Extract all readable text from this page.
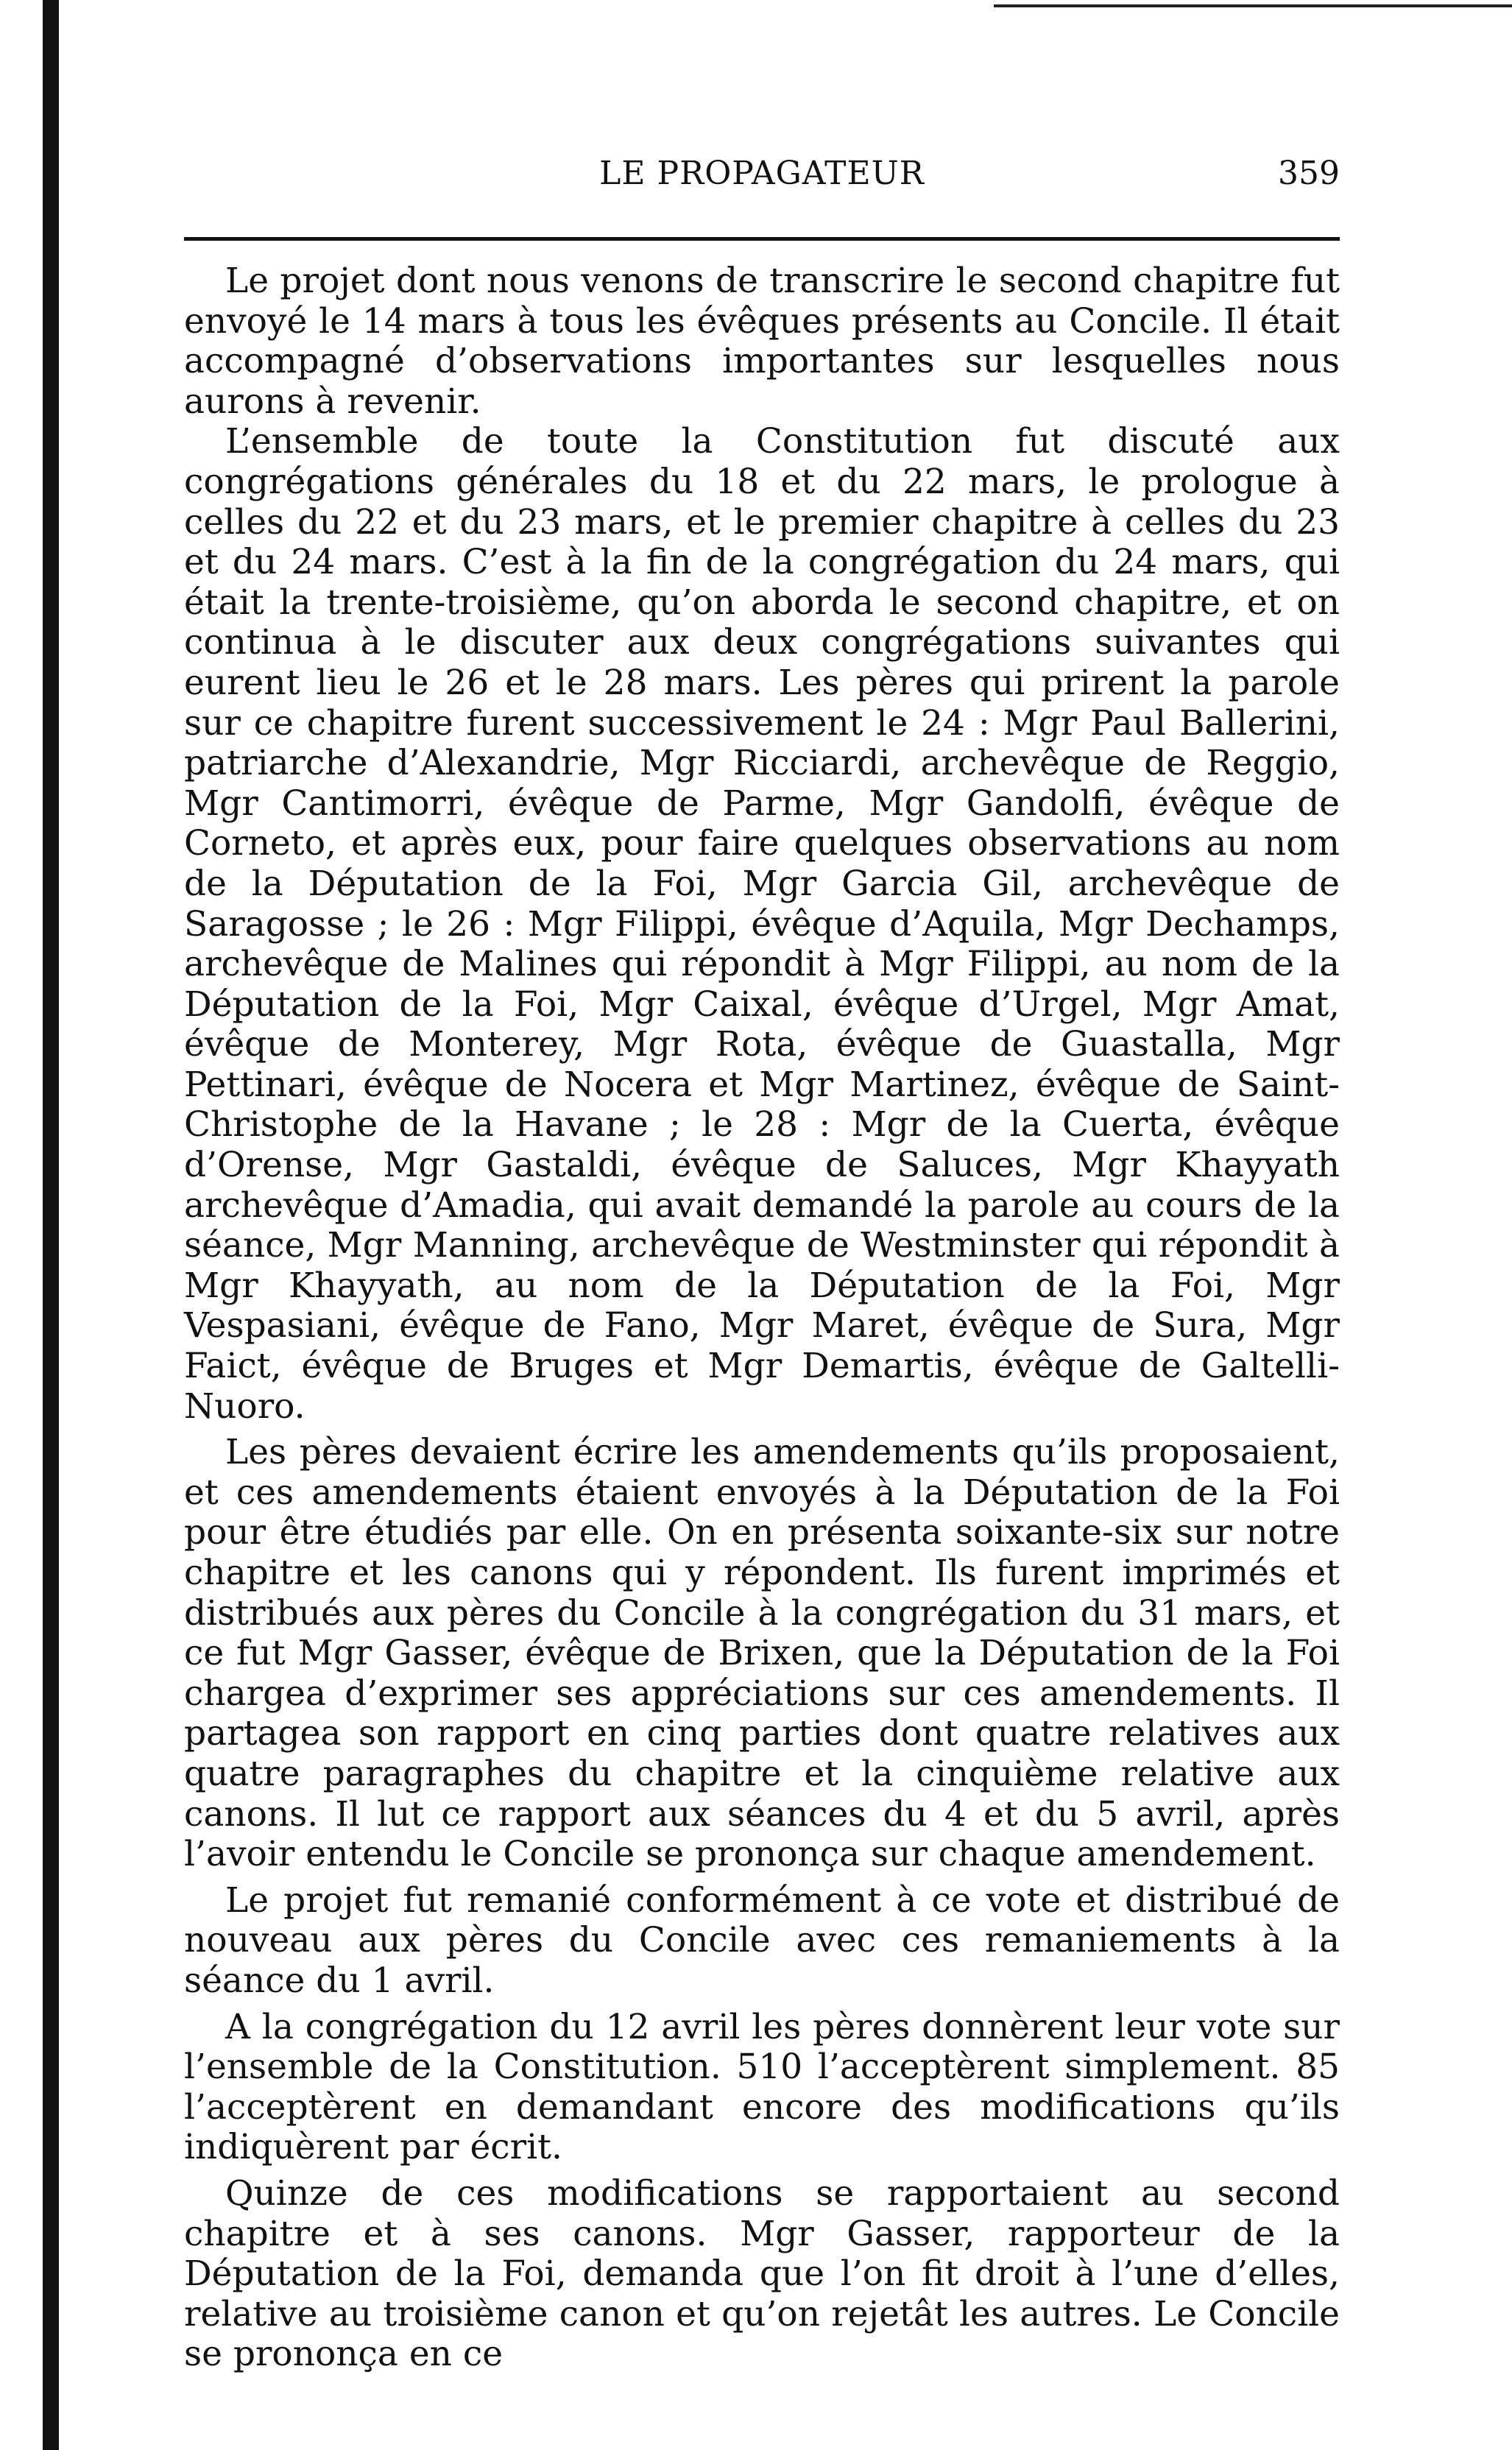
LE PROPAGATEUR	359

Le projet dont nous venons de transcrire le second chapitre fut envoyé le 14 mars à tous les évêques présents au Concile. Il était accompagné d’observations importantes sur lesquelles nous aurons à revenir.

L’ensemble de toute la Constitution fut discuté aux congrégations générales du 18 et du 22 mars, le prologue à celles du 22 et du 23 mars, et le premier chapitre à celles du 23 et du 24 mars. C’est à la fin de la congrégation du 24 mars, qui était la trente-troisième, qu’on aborda le second chapitre, et on continua à le discuter aux deux congrégations suivantes qui eurent lieu le 26 et le 28 mars. Les pères qui prirent la parole sur ce chapitre furent successivement le 24 : Mgr Paul Ballerini, patriarche d’Alexandrie, Mgr Ricciardi, archevêque de Reggio, Mgr Cantimorri, évêque de Parme, Mgr Gandolfi, évêque de Corneto, et après eux, pour faire quelques observations au nom de la Députation de la Foi, Mgr Garcia Gil, archevêque de Saragosse ; le 26 : Mgr Filippi, évêque d’Aquila, Mgr Dechamps, archevêque de Malines qui répondit à Mgr Filippi, au nom de la Députation de la Foi, Mgr Caixal, évêque d’Urgel, Mgr Amat, évêque de Monterey, Mgr Rota, évêque de Guastalla, Mgr Pettinari, évêque de Nocera et Mgr Martinez, évêque de Saint-Christophe de la Havane ; le 28 : Mgr de la Cuerta, évêque d’Orense, Mgr Gastaldi, évêque de Saluces, Mgr Khayyath archevêque d’Amadia, qui avait demandé la parole au cours de la séance, Mgr Manning, archevêque de Westminster qui répondit à Mgr Khayyath, au nom de la Députation de la Foi, Mgr Vespasiani, évêque de Fano, Mgr Maret, évêque de Sura, Mgr Faict, évêque de Bruges et Mgr Demartis, évêque de Galtelli-Nuoro.

Les pères devaient écrire les amendements qu’ils proposaient, et ces amendements étaient envoyés à la Députation de la Foi pour être étudiés par elle. On en présenta soixante-six sur notre chapitre et les canons qui y répondent. Ils furent imprimés et distribués aux pères du Concile à la congrégation du 31 mars, et ce fut Mgr Gasser, évêque de Brixen, que la Députation de la Foi chargea d’exprimer ses appréciations sur ces amendements. Il partagea son rapport en cinq parties dont quatre relatives aux quatre paragraphes du chapitre et la cinquième relative aux canons. Il lut ce rapport aux séances du 4 et du 5 avril, après l’avoir entendu le Concile se prononça sur chaque amendement.

Le projet fut remanié conformément à ce vote et distribué de nouveau aux pères du Concile avec ces remaniements à la séance du 1 avril.

A la congrégation du 12 avril les pères donnèrent leur vote sur l’ensemble de la Constitution. 510 l’acceptèrent simplement. 85 l’acceptèrent en demandant encore des modifications qu’ils indiquèrent par écrit.

Quinze de ces modifications se rapportaient au second chapitre et à ses canons. Mgr Gasser, rapporteur de la Députation de la Foi, demanda que l’on fit droit à l’une d’elles, relative au troisième canon et qu’on rejetât les autres. Le Concile se prononça en ce
